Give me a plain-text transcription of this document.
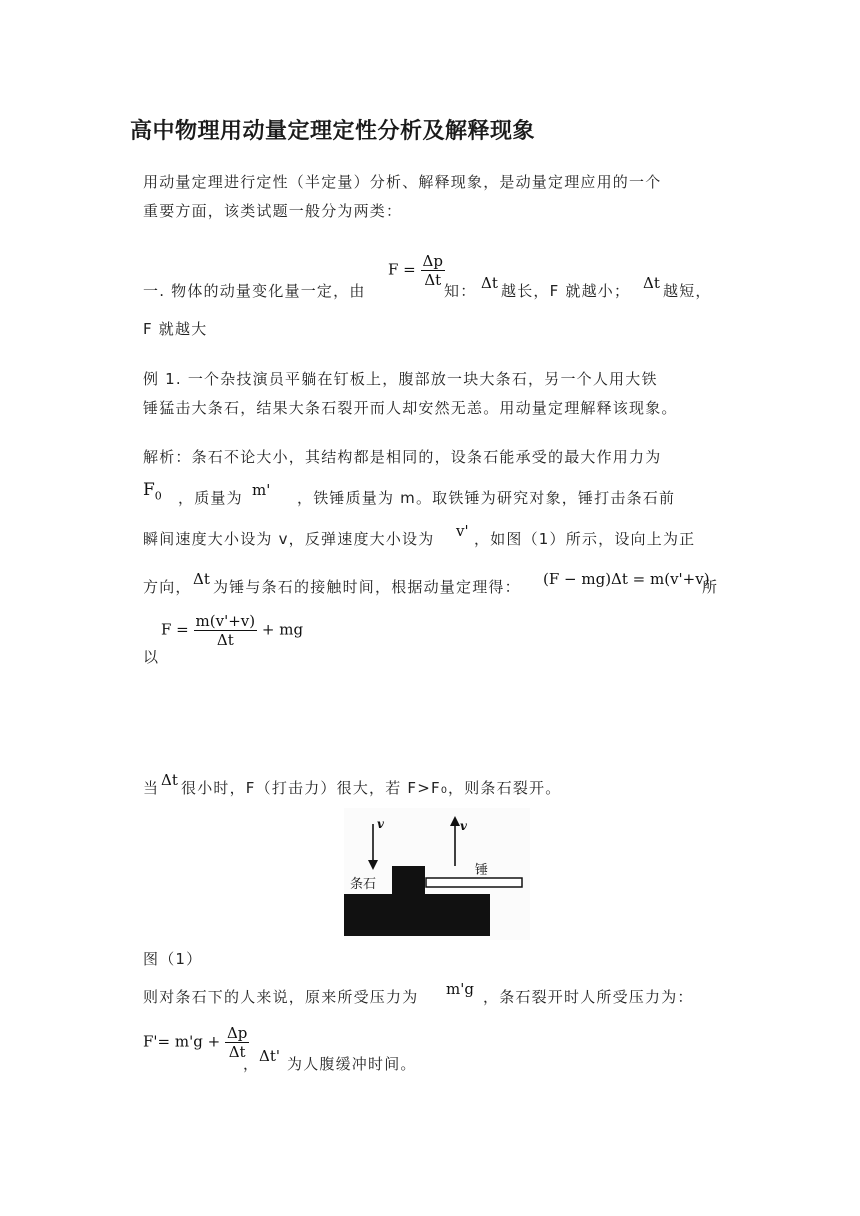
高中物理用动量定理定性分析及解释现象
用动量定理进行定性（半定量）分析、解释现象，是动量定理应用的一个
重要方面，该类试题一般分为两类：
$F = \frac{\Delta p}{\Delta t}$
一. 物体的动量变化量一定，由	知： Δt 越长，F 就越小； Δt 越短，
F 就越大
例 1. 一个杂技演员平躺在钉板上，腹部放一块大条石，另一个人用大铁
锤猛击大条石，结果大条石裂开而人却安然无恙。用动量定理解释该现象。
解析：条石不论大小，其结构都是相同的，设条石能承受的最大作用力为
$F_0$ ，质量为 m' ，铁锤质量为 m。取铁锤为研究对象，锤打击条石前
瞬间速度大小设为 v，反弹速度大小设为 v' ，如图（1）所示，设向上为正
方向， Δt 为锤与条石的接触时间，根据动量定理得： (F − mg)Δt = m(v'+v)
所
以
$F = \frac{m(v'+v)}{\Delta t}$ + mg
当 Δt 很小时，F（打击力）很大，若 F>F₀，则条石裂开。
v	v
条石
锤
图（1）
则对条石下的人来说，原来所受压力为 m'g ，条石裂开时人所受压力为：
$F'= m'g + \frac{\Delta p}{\Delta t}$
， Δt' 为人腹缓冲时间。
